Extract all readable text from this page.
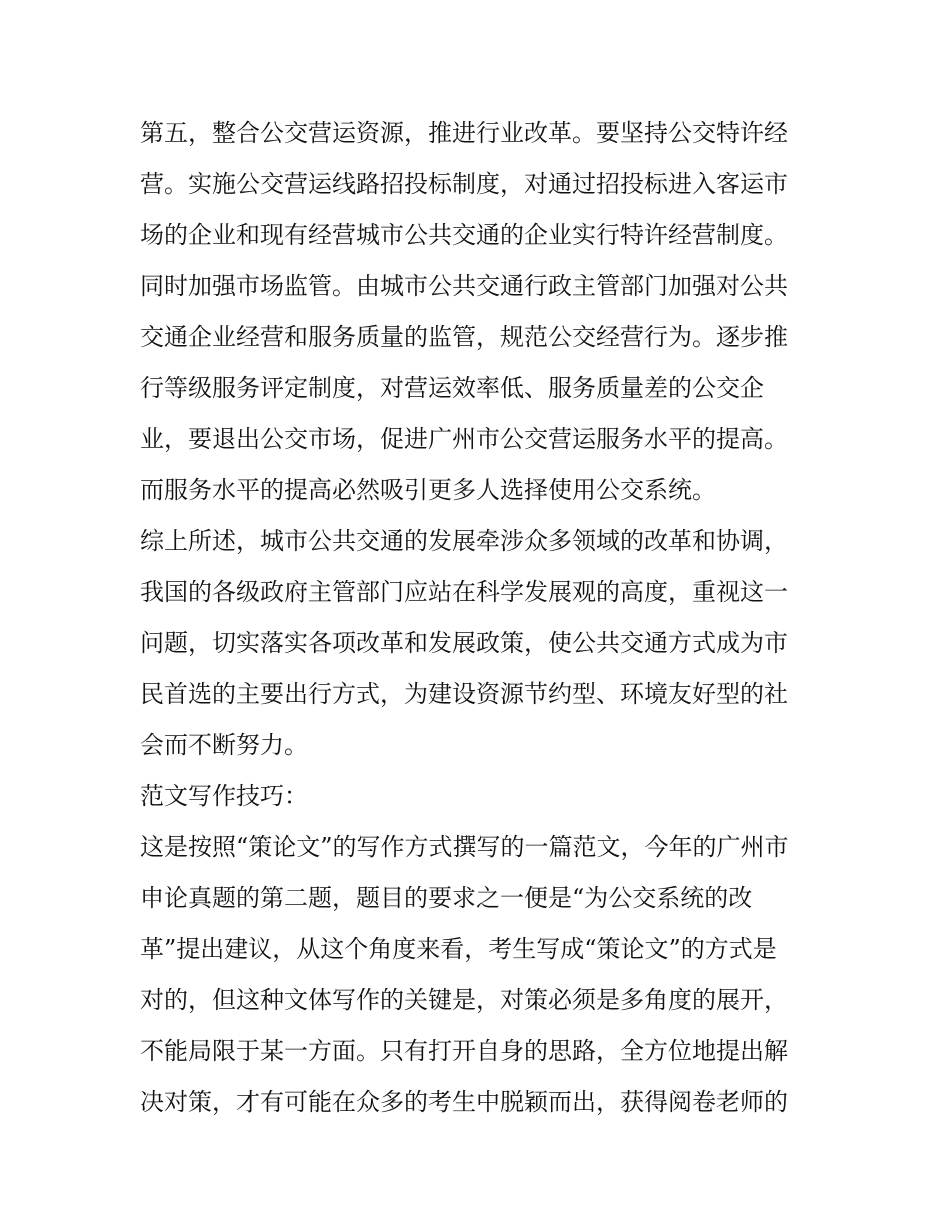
第五，整合公交营运资源，推进行业改革。要坚持公交特许经
营。实施公交营运线路招投标制度，对通过招投标进入客运市
场的企业和现有经营城市公共交通的企业实行特许经营制度。
同时加强市场监管。由城市公共交通行政主管部门加强对公共
交通企业经营和服务质量的监管，规范公交经营行为。逐步推
行等级服务评定制度，对营运效率低、服务质量差的公交企
业，要退出公交市场，促进广州市公交营运服务水平的提高。
而服务水平的提高必然吸引更多人选择使用公交系统。
综上所述，城市公共交通的发展牵涉众多领域的改革和协调，
我国的各级政府主管部门应站在科学发展观的高度，重视这一
问题，切实落实各项改革和发展政策，使公共交通方式成为市
民首选的主要出行方式，为建设资源节约型、环境友好型的社
会而不断努力。
范文写作技巧：
这是按照“策论文”的写作方式撰写的一篇范文，今年的广州市
申论真题的第二题，题目的要求之一便是“为公交系统的改
革”提出建议，从这个角度来看，考生写成“策论文”的方式是
对的，但这种文体写作的关键是，对策必须是多角度的展开，
不能局限于某一方面。只有打开自身的思路，全方位地提出解
决对策，才有可能在众多的考生中脱颖而出，获得阅卷老师的
